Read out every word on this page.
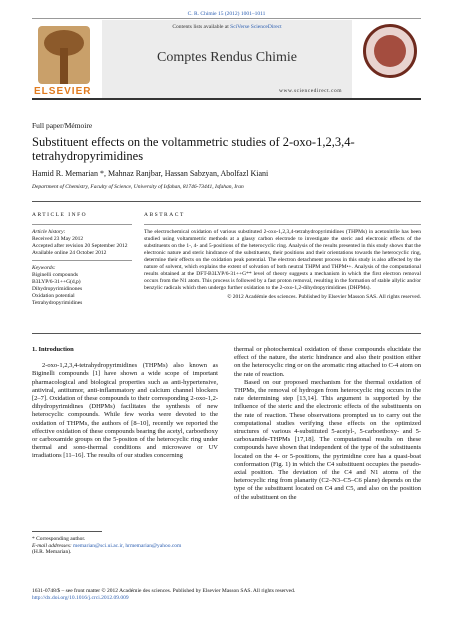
C. R. Chimie 15 (2012) 1001–1011
ELSEVIER
Contents lists available at SciVerse ScienceDirect
Comptes Rendus Chimie
www.sciencedirect.com
Full paper/Mémoire
Substituent effects on the voltammetric studies of 2-oxo-1,2,3,4-tetrahydropyrimidines
Hamid R. Memarian *, Mahnaz Ranjbar, Hassan Sabzyan, Abolfazl Kiani
Department of Chemistry, Faculty of Science, University of Isfahan, 81746-73441, Isfahan, Iran
ARTICLE INFO
Article history:
Received 23 May 2012
Accepted after revision 20 September 2012
Available online 24 October 2012
Keywords:
Biginelli compounds
B3LYP/6-31++G(d,p)
Dihydropyrimidinones
Oxidation potential
Tetrahydropyrimidines
ABSTRACT
The electrochemical oxidation of various substituted 2-oxo-1,2,3,4-tetrahydropyrimidines (THPMs) in acetonitrile has been studied using voltammetric methods at a glassy carbon electrode to investigate the steric and electronic effects of the substituents on the 1-, 4- and 5-positions of the heterocyclic ring. Analysis of the results presented in this study shows that the electronic nature and steric hindrance of the substituents, their positions and their orientations towards the heterocyclic ring, determine their effects on the oxidation peak potential. The electron detachment process in this study is also affected by the nature of solvent, which explains the extent of solvation of both neutral THPM and THPM•+. Analysis of the computational results obtained at the DFT-B3LYP/6-31++G** level of theory suggests a mechanism in which the first electron removal occurs from the N1 atom. This process is followed by a fast proton removal, resulting in the formation of stable allylic and/or benzylic radicals which then undergo further oxidation to the 2-oxo-1,2-dihydropyrimidines (DHPMs).
© 2012 Académie des sciences. Published by Elsevier Masson SAS. All rights reserved.
1. Introduction
2-oxo-1,2,3,4-tetrahydropyrimidines (THPMs) also known as Biginelli compounds [1] have shown a wide scope of important pharmacological and biological properties such as anti-hypertensive, antiviral, antitumor, anti-inflammatory and calcium channel blockers [2–7]. Oxidation of these compounds to their corresponding 2-oxo-1,2-dihydropyrimidines (DHPMs) facilitates the synthesis of new heterocyclic compounds. While few works were devoted to the oxidation of THPMs, the authors of [8–10], recently we reported the effective oxidation of these compounds bearing the acetyl, carboethoxy or carboxamide groups on the 5-positon of the heterocyclic ring under thermal and sono-thermal conditions and microwave or UV irradiations [11–16]. The results of our studies concerning
thermal or photochemical oxidation of these compounds elucidate the effect of the nature, the steric hindrance and also their position either on the heterocyclic ring or on the aromatic ring attached to C-4 atom on the rate of reaction.
Based on our proposed mechanism for the thermal oxidation of THPMs, the removal of hydrogen from heterocyclic ring occurs in the rate determining step [13,14]. This argument is supported by the influence of the steric and the electronic effects of the substituents on the rate of reaction. These observations prompted us to carry out the computational studies verifying these effects on the optimized structures of various 4-substituted 5-acetyl-, 5-carboethoxy- and 5-carboxamide-THPMs [17,18]. The computational results on these compounds have shown that independent of the type of the substituents located on the 4- or 5-positions, the pyrimidine core has a quasi-boat conformation (Fig. 1) in which the C4 substituent occupies the pseudo-axial position. The deviation of the C4 and N1 atoms of the heterocyclic ring from planarity (C2–N3–C5–C6 plane) depends on the type of the substituent located on C4 and C5, and also on the position of the substituent on the
* Corresponding author.
E-mail addresses: memarian@sci.ui.ac.ir, hrmemarian@yahoo.com
(H.R. Memarian).
1631-0748/$ – see front matter © 2012 Académie des sciences. Published by Elsevier Masson SAS. All rights reserved.
http://dx.doi.org/10.1016/j.crci.2012.09.009
